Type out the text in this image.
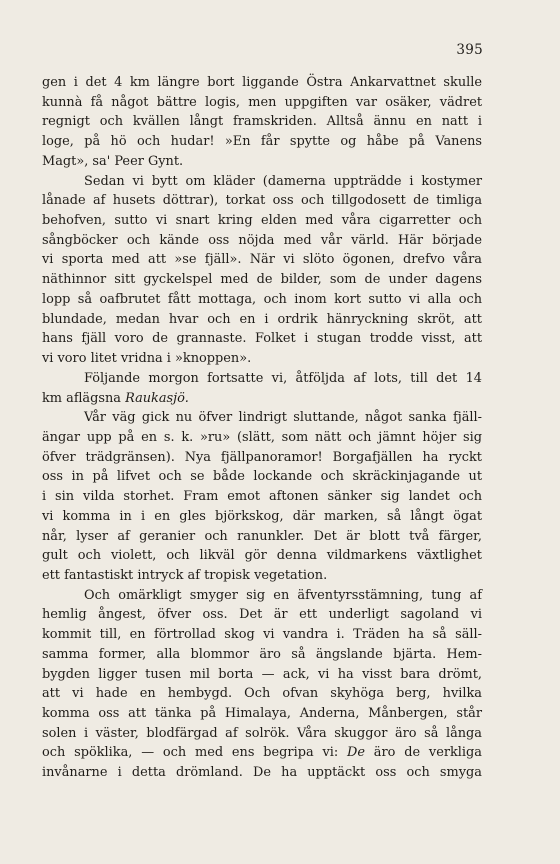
395
gen i det 4 km längre bort liggande Östra Ankarvattnet skulle
kunnà få något bättre logis, men uppgiften var osäker, vädret
regnigt och kvällen långt framskriden. Alltså ännu en natt i
loge, på hö och hudar! »En får spytte og håbe på Vanens
Magt», sa' Peer Gynt.
Sedan vi bytt om kläder (damerna uppträdde i kostymer
lånade af husets döttrar), torkat oss och tillgodosett de timliga
behofven, sutto vi snart kring elden med våra cigarretter och
sångböcker och kände oss nöjda med vår värld. Här började
vi sporta med att »se fjäll». När vi slöto ögonen, drefvo våra
näthinnor sitt gyckelspel med de bilder, som de under dagens
lopp så oafbrutet fått mottaga, och inom kort sutto vi alla och
blundade, medan hvar och en i ordrik hänryckning skröt, att
hans fjäll voro de grannaste. Folket i stugan trodde visst, att
vi voro litet vridna i »knoppen».
Följande morgon fortsatte vi, åtföljda af lots, till det 14
km aflägsna Raukasjö.
Vår väg gick nu öfver lindrigt sluttande, något sanka fjäll-
ängar upp på en s. k. »ru» (slätt, som nätt och jämnt höjer sig
öfver trädgränsen). Nya fjällpanoramor! Borgafjällen ha ryckt
oss in på lifvet och se både lockande och skräckinjagande ut
i sin vilda storhet. Fram emot aftonen sänker sig landet och
vi komma in i en gles björkskog, där marken, så långt ögat
når, lyser af geranier och ranunkler. Det är blott två färger,
gult och violett, och likväl gör denna vildmarkens växtlighet
ett fantastiskt intryck af tropisk vegetation.
Och omärkligt smyger sig en äfventyrsstämning, tung af
hemlig ångest, öfver oss. Det är ett underligt sagoland vi
kommit till, en förtrollad skog vi vandra i. Träden ha så säll-
samma former, alla blommor äro så ängslande bjärta. Hem-
bygden ligger tusen mil borta — ack, vi ha visst bara drömt,
att vi hade en hembygd. Och ofvan skyhöga berg, hvilka
komma oss att tänka på Himalaya, Anderna, Månbergen, står
solen i väster, blodfärgad af solrök. Våra skuggor äro så långa
och spöklika, — och med ens begripa vi: De äro de verkliga
invånarne i detta drömland. De ha upptäckt oss och smyga
